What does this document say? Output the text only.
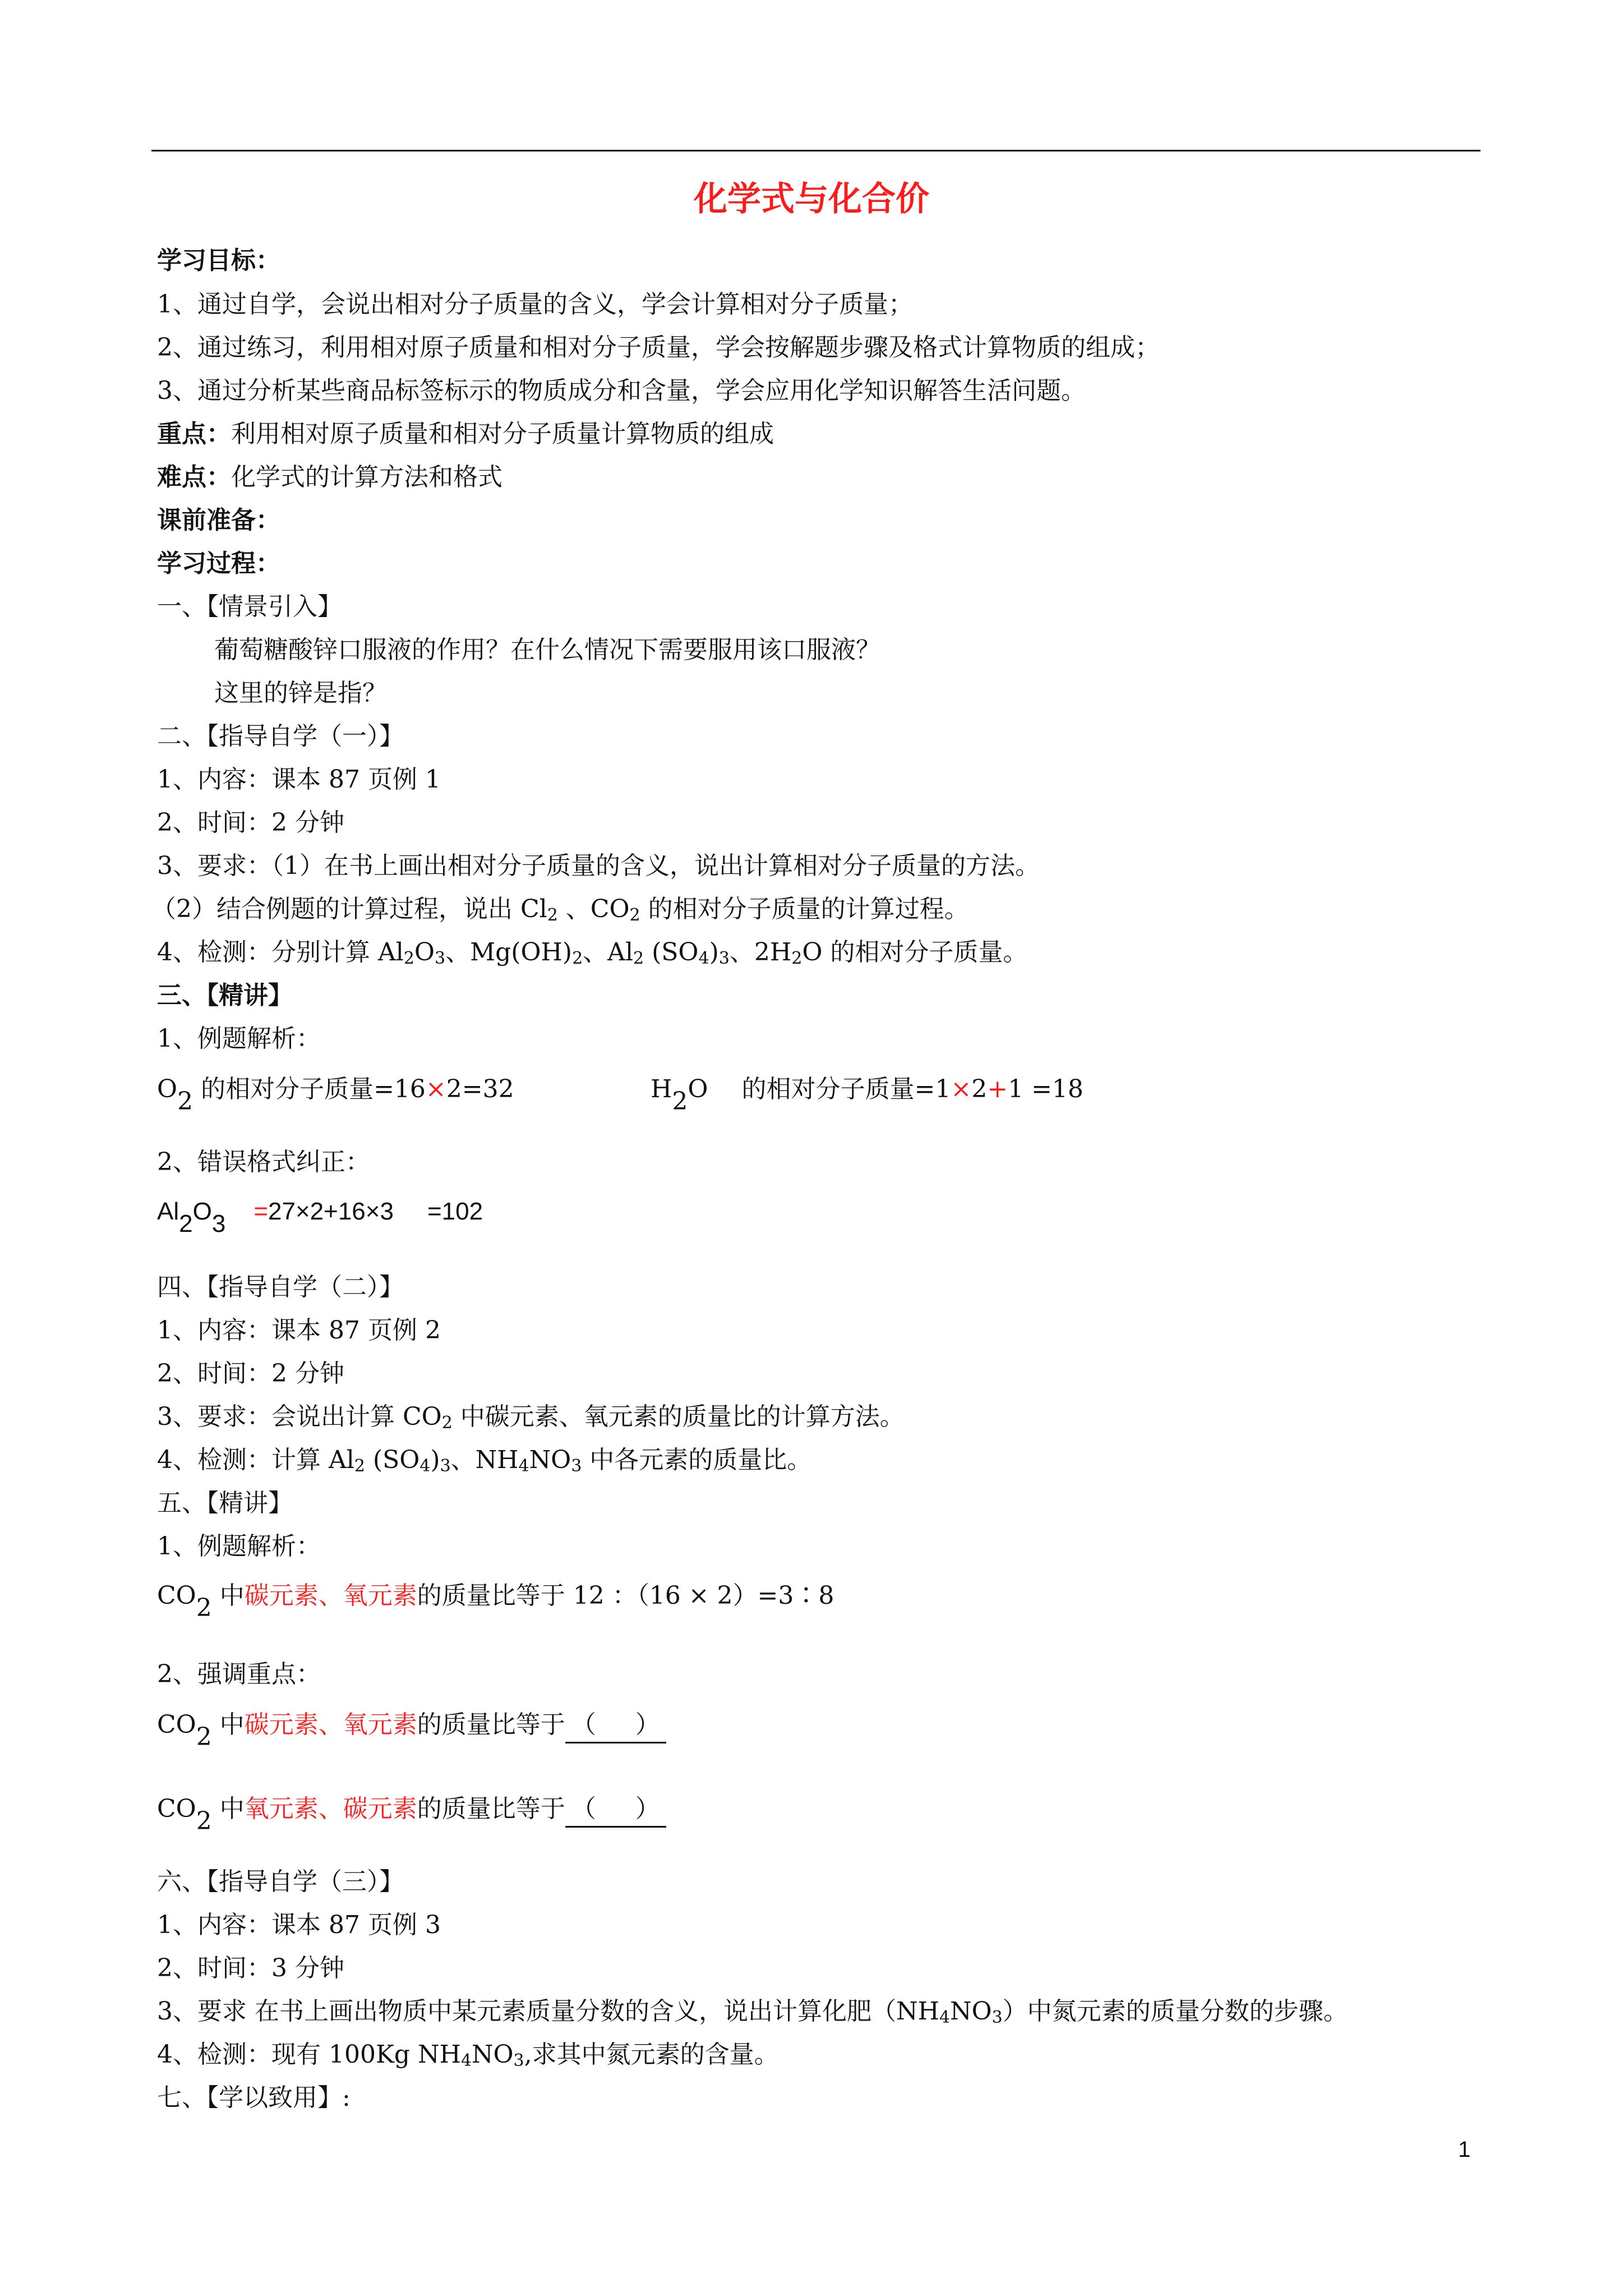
化学式与化合价
学习目标：
1、通过自学，会说出相对分子质量的含义，学会计算相对分子质量；
2、通过练习，利用相对原子质量和相对分子质量，学会按解题步骤及格式计算物质的组成；
3、通过分析某些商品标签标示的物质成分和含量，学会应用化学知识解答生活问题。
重点：利用相对原子质量和相对分子质量计算物质的组成
难点：化学式的计算方法和格式
课前准备：
学习过程：
一、【情景引入】
葡萄糖酸锌口服液的作用？在什么情况下需要服用该口服液？
这里的锌是指？
二、【指导自学（一）】
1、内容：课本 87 页例 1
2、时间：2 分钟
3、要求：（1）在书上画出相对分子质量的含义，说出计算相对分子质量的方法。
（2）结合例题的计算过程，说出 $Cl_2$ 、$CO_2$ 的相对分子质量的计算过程。
4、检测：分别计算 $Al_2O_3$、$Mg(OH)_2$、$Al_2$ $(SO_4)_3$、$2H_2O$ 的相对分子质量。
三、【精讲】
1、例题解析：
O2 的相对分子质量=16×2=32	H2O 的相对分子质量=1×2+1 =18
2、错误格式纠正：
Al2O3 =27×2+16×3 =102
四、【指导自学（二）】
1、内容：课本 87 页例 2
2、时间：2 分钟
3、要求：会说出计算 $CO_2$ 中碳元素、氧元素的质量比的计算方法。
4、检测：计算 $Al_2$ $(SO_4)_3$、$NH_4NO_3$ 中各元素的质量比。
五、【精讲】
1、例题解析：
CO2 中碳元素、氧元素的质量比等于 12 ：（16 × 2）=3∶8
2、强调重点：
CO2 中碳元素、氧元素的质量比等于 （ ）
CO2 中氧元素、碳元素的质量比等于 （ ）
六、【指导自学（三）】
1、内容：课本 87 页例 3
2、时间：3 分钟
3、要求 在书上画出物质中某元素质量分数的含义，说出计算化肥$(NH_4NO_3)$中氮元素的质量分数的步骤。
4、检测：现有 100Kg $NH_4NO_3$,求其中氮元素的含量。
七、【学以致用】:
1
